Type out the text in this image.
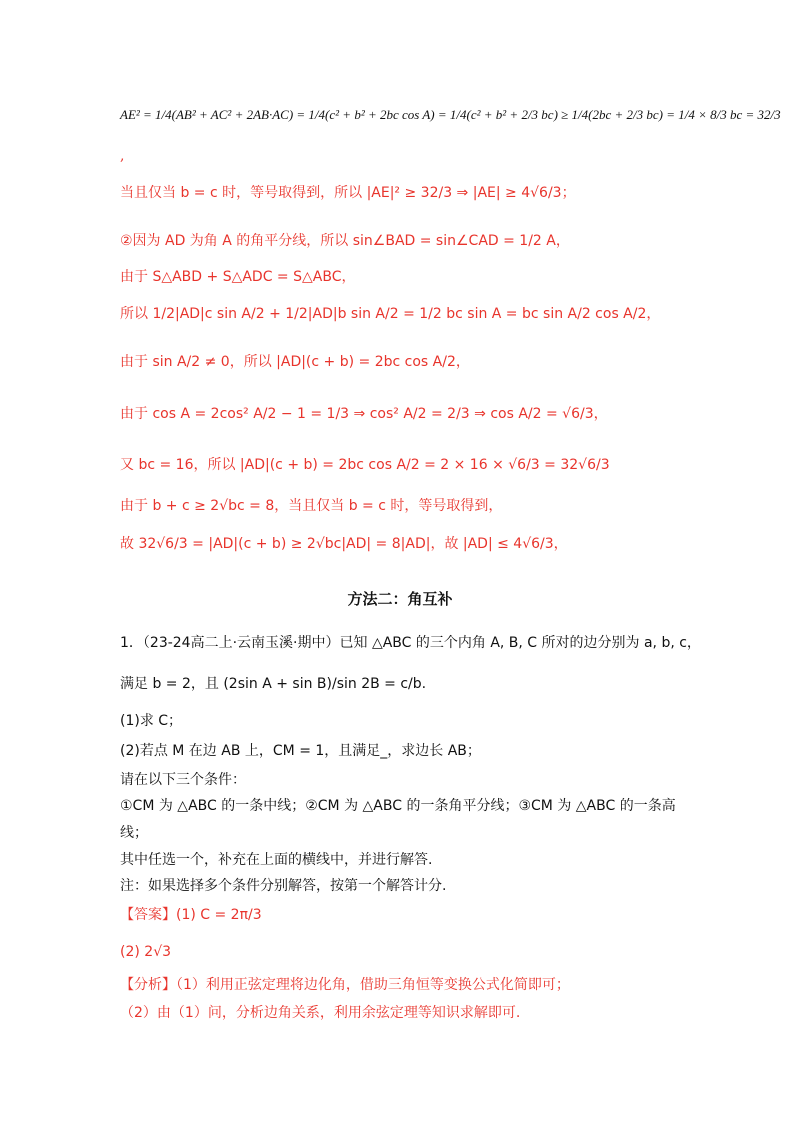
AE² = 1/4(AB² + AC² + 2AB·AC) = 1/4(c² + b² + 2bc cos A) = 1/4(c² + b² + 2/3 bc) ≥ 1/4(2bc + 2/3 bc) = 1/4 × 8/3 bc = 32/3
,
当且仅当 b = c 时，等号取得到，所以 |AE|² ≥ 32/3 ⇒ |AE| ≥ 4√6/3；
②因为 AD 为角 A 的角平分线，所以 sin∠BAD = sin∠CAD = 1/2 A，
由于 S△ABD + S△ADC = S△ABC，
所以 1/2|AD|c sin A/2 + 1/2|AD|b sin A/2 = 1/2 bc sin A = bc sin A/2 cos A/2，
由于 sin A/2 ≠ 0，所以 |AD|(c + b) = 2bc cos A/2，
由于 cos A = 2cos² A/2 − 1 = 1/3 ⇒ cos² A/2 = 2/3 ⇒ cos A/2 = √6/3，
又 bc = 16，所以 |AD|(c + b) = 2bc cos A/2 = 2 × 16 × √6/3 = 32√6/3
由于 b + c ≥ 2√bc = 8，当且仅当 b = c 时，等号取得到，
故 32√6/3 = |AD|(c + b) ≥ 2√bc|AD| = 8|AD|，故 |AD| ≤ 4√6/3，
方法二：角互补
1．（23-24高二上·云南玉溪·期中）已知 △ABC 的三个内角 A, B, C 所对的边分别为 a, b, c，
满足 b = 2，且 (2sin A + sin B)/sin 2B = c/b.
(1)求 C；
(2)若点 M 在边 AB 上，CM = 1，且满足_，求边长 AB；
请在以下三个条件：
①CM 为 △ABC 的一条中线；②CM 为 △ABC 的一条角平分线；③CM 为 △ABC 的一条高
线；
其中任选一个，补充在上面的横线中，并进行解答.
注：如果选择多个条件分别解答，按第一个解答计分.
【答案】(1) C = 2π/3
(2) 2√3
【分析】（1）利用正弦定理将边化角，借助三角恒等变换公式化简即可；
（2）由（1）问，分析边角关系，利用余弦定理等知识求解即可.
